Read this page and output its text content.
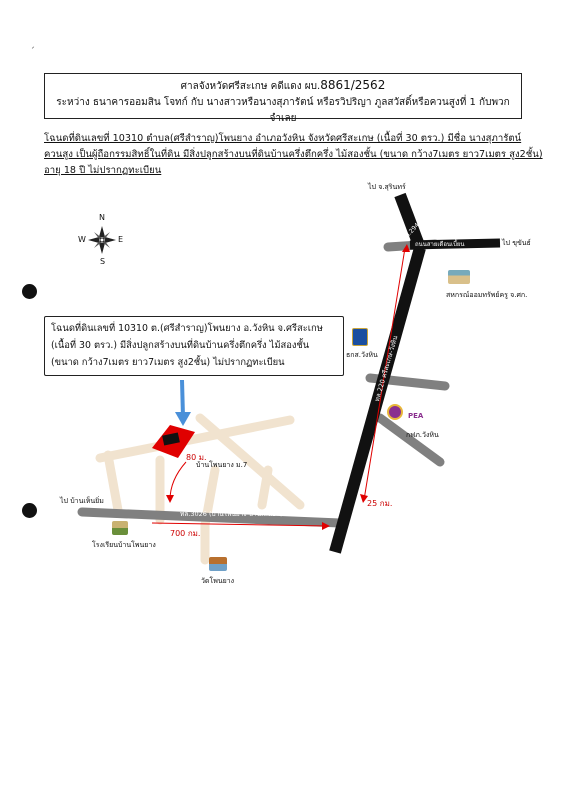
ˏ
ศาลจังหวัดศรีสะเกษ คดีแดง ผบ.8861/2562
ระหว่าง ธนาคารออมสิน โจทก์ กับ นางสาวหรือนางสุภารัตน์ หรือรวิปริญา ภูลสวัสดิ์หรือควนสูงที่ 1 กับพวก จำเลย
โฉนดที่ดินเลขที่ 10310 ตำบล(ศรีสำราญ)โพนยาง อำเภอวังหิน จังหวัดศรีสะเกษ (เนื้อที่ 30 ตรว.) มีชื่อ นางสุภารัตน์
ควนสูง เป็นผู้ถือกรรมสิทธิ์ในที่ดิน มีสิ่งปลูกสร้างบนที่ดินบ้านครึ่งตึกครึ่ง ไม้สองชั้น (ขนาด กว้าง7เมตร ยาว7เมตร สูง2ชั้น)
อายุ 18 ปี ไม่ปรากฏทะเบียน
N
S
E
W
โฉนดที่ดินเลขที่ 10310 ต.(ศรีสำราญ)โพนยาง อ.วังหิน จ.ศรีสะเกษ
(เนื้อที่ 30 ตรว.) มีสิ่งปลูกสร้างบนที่ดินบ้านครึ่งตึกครึ่ง ไม้สองชั้น
(ขนาด กว้าง7เมตร ยาว7เมตร สูง2ชั้น) ไม่ปรากฏทะเบียน
ไป จ.สุรินทร์
ทล.294
ถนนสายเดือนเบี้ยน	ไป ขุขันธ์
ทล.220 ศรีสะเกษ-วังหิน
ทล.3026 (บ้านโพนยาง-บ้านเห็นยิ่ม)
ไป บ้านเห็นยิ่ม
สหกรณ์ออมทรัพย์ครู จ.ศก.
ธกส.วังหิน
PEA
กฟภ.วังหิน
บ้านโพนยาง ม.7
โรงเรียนบ้านโพนยาง
วัดโพนยาง
80 ม.
25 กม.
700 กม.
